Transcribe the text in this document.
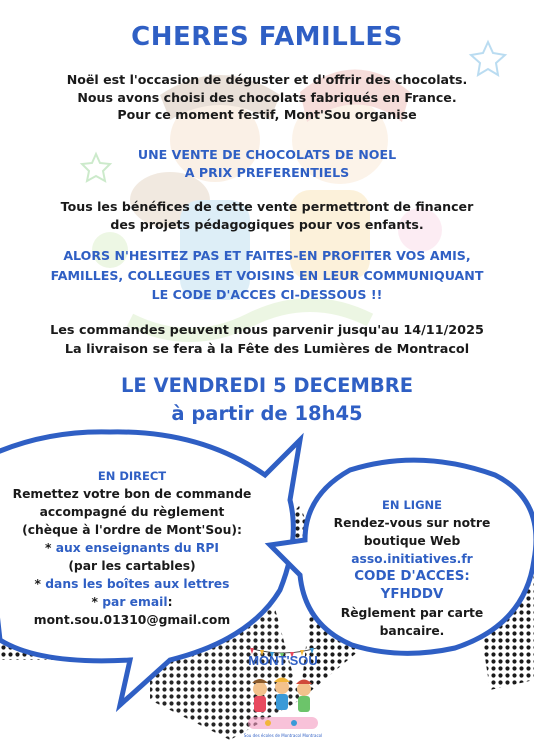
CHERES FAMILLES
Noël est l'occasion de déguster et d'offrir des chocolats.
Nous avons choisi des chocolats fabriqués en France.
Pour ce moment festif, Mont'Sou organise
UNE VENTE DE CHOCOLATS DE NOEL
A PRIX PREFERENTIELS
Tous les bénéfices de cette vente permettront de financer
des projets pédagogiques pour vos enfants.
ALORS N'HESITEZ PAS ET FAITES-EN PROFITER VOS AMIS,
FAMILLES, COLLEGUES ET VOISINS EN LEUR COMMUNIQUANT
LE CODE D'ACCES CI-DESSOUS !!
Les commandes peuvent nous parvenir jusqu'au 14/11/2025
La livraison se fera à la Fête des Lumières de Montracol
LE VENDREDI 5 DECEMBRE
à partir de 18h45
EN DIRECT
Remettez votre bon de commande
accompagné du règlement
(chèque à l'ordre de Mont'Sou):
* aux enseignants du RPI
(par les cartables)
* dans les boîtes aux lettres
* par email:
mont.sou.01310@gmail.com
EN LIGNE
Rendez-vous sur notre
boutique Web
asso.initiatives.fr
CODE D'ACCES: YFHDDV
Règlement par carte
bancaire.
MONT'SOU
Sou des écoles de Montracol Montracol
